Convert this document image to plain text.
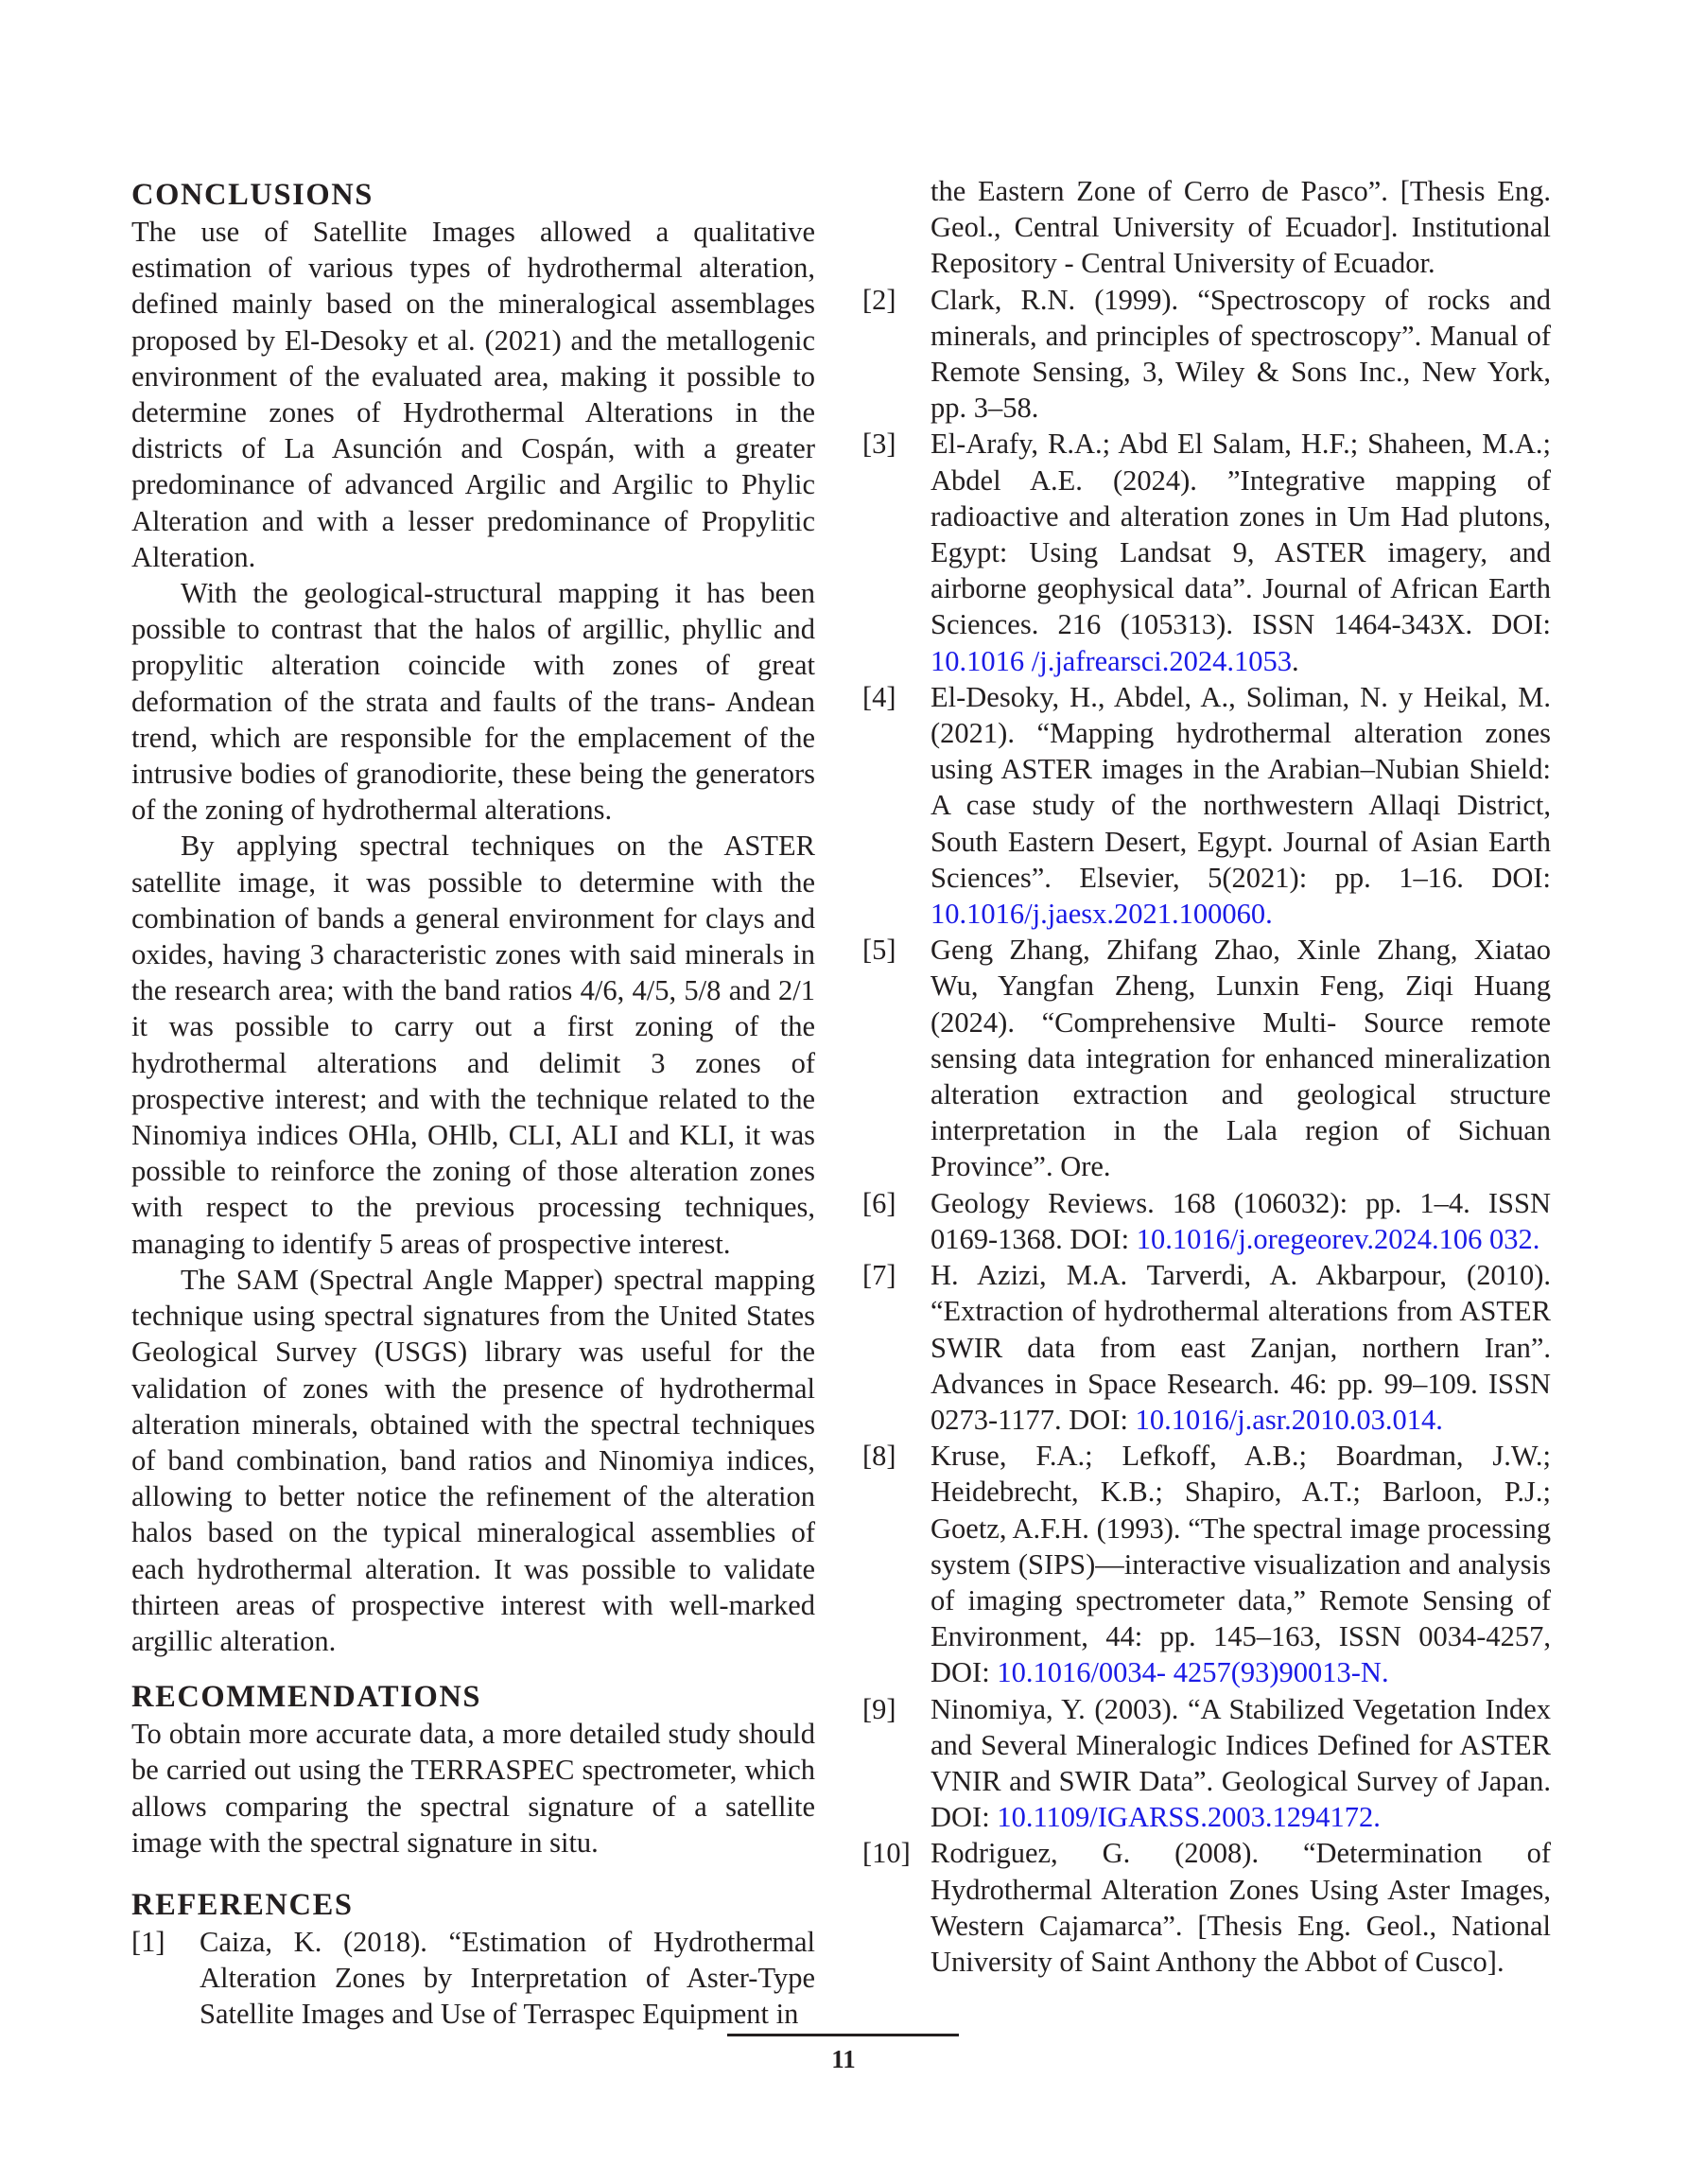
CONCLUSIONS

The use of Satellite Images allowed a qualitative estimation of various types of hydrothermal alteration, defined mainly based on the mineralogical assemblages proposed by El-Desoky et al. (2021) and the metallogenic environment of the evaluated area, making it possible to determine zones of Hydrothermal Alterations in the districts of La Asunción and Cospán, with a greater predominance of advanced Argilic and Argilic to Phylic Alteration and with a lesser predominance of Propylitic Alteration.

With the geological-structural mapping it has been possible to contrast that the halos of argillic, phyllic and propylitic alteration coincide with zones of great deformation of the strata and faults of the trans- Andean trend, which are responsible for the emplacement of the intrusive bodies of granodiorite, these being the generators of the zoning of hydrothermal alterations.

By applying spectral techniques on the ASTER satellite image, it was possible to determine with the combination of bands a general environment for clays and oxides, having 3 characteristic zones with said minerals in the research area; with the band ratios 4/6, 4/5, 5/8 and 2/1 it was possible to carry out a first zoning of the hydrothermal alterations and delimit 3 zones of prospective interest; and with the technique related to the Ninomiya indices OHla, OHlb, CLI, ALI and KLI, it was possible to reinforce the zoning of those alteration zones with respect to the previous processing techniques, managing to identify 5 areas of prospective interest.

The SAM (Spectral Angle Mapper) spectral mapping technique using spectral signatures from the United States Geological Survey (USGS) library was useful for the validation of zones with the presence of hydrothermal alteration minerals, obtained with the spectral techniques of band combination, band ratios and Ninomiya indices, allowing to better notice the refinement of the alteration halos based on the typical mineralogical assemblies of each hydrothermal alteration. It was possible to validate thirteen areas of prospective interest with well-marked argillic alteration.

RECOMMENDATIONS

To obtain more accurate data, a more detailed study should be carried out using the TERRASPEC spectrometer, which allows comparing the spectral signature of a satellite image with the spectral signature in situ.

REFERENCES
[1]	Caiza, K. (2018). “Estimation of Hydrothermal Alteration Zones by Interpretation of Aster-Type Satellite Images and Use of Terraspec Equipment in
the Eastern Zone of Cerro de Pasco”. [Thesis Eng. Geol., Central University of Ecuador]. Institutional Repository - Central University of Ecuador.
[2]	Clark, R.N. (1999). “Spectroscopy of rocks and minerals, and principles of spectroscopy”. Manual of Remote Sensing, 3, Wiley & Sons Inc., New York, pp. 3–58.
[3]	El-Arafy, R.A.; Abd El Salam, H.F.; Shaheen, M.A.; Abdel A.E. (2024). ”Integrative mapping of radioactive and alteration zones in Um Had plutons, Egypt: Using Landsat 9, ASTER imagery, and airborne geophysical data”. Journal of African Earth Sciences. 216 (105313). ISSN 1464-343X. DOI: 10.1016 /j.jafrearsci.2024.1053.
[4]	El-Desoky, H., Abdel, A., Soliman, N. y Heikal, M. (2021). “Mapping hydrothermal alteration zones using ASTER images in the Arabian–Nubian Shield: A case study of the northwestern Allaqi District, South Eastern Desert, Egypt. Journal of Asian Earth Sciences”. Elsevier, 5(2021): pp. 1–16. DOI: 10.1016/j.jaesx.2021.100060.
[5]	Geng Zhang, Zhifang Zhao, Xinle Zhang, Xiatao Wu, Yangfan Zheng, Lunxin Feng, Ziqi Huang (2024). “Comprehensive Multi- Source remote sensing data integration for enhanced mineralization alteration extraction and geological structure interpretation in the Lala region of Sichuan Province”. Ore.
[6]	Geology Reviews. 168 (106032): pp. 1–4. ISSN 0169-1368. DOI: 10.1016/j.oregeorev.2024.106 032.
[7]	H. Azizi, M.A. Tarverdi, A. Akbarpour, (2010). “Extraction of hydrothermal alterations from ASTER SWIR data from east Zanjan, northern Iran”. Advances in Space Research. 46: pp. 99–109. ISSN 0273-1177. DOI: 10.1016/j.asr.2010.03.014.
[8]	Kruse, F.A.; Lefkoff, A.B.; Boardman, J.W.; Heidebrecht, K.B.; Shapiro, A.T.; Barloon, P.J.; Goetz, A.F.H. (1993). “The spectral image processing system (SIPS)—interactive visualization and analysis of imaging spectrometer data,” Remote Sensing of Environment, 44: pp. 145–163, ISSN 0034-4257, DOI: 10.1016/0034- 4257(93)90013-N.
[9]	Ninomiya, Y. (2003). “A Stabilized Vegetation Index and Several Mineralogic Indices Defined for ASTER VNIR and SWIR Data”. Geological Survey of Japan. DOI: 10.1109/IGARSS.2003.1294172.
[10] Rodriguez, G. (2008). “Determination of Hydrothermal Alteration Zones Using Aster Images, Western Cajamarca”. [Thesis Eng. Geol., National University of Saint Anthony the Abbot of Cusco].
11
